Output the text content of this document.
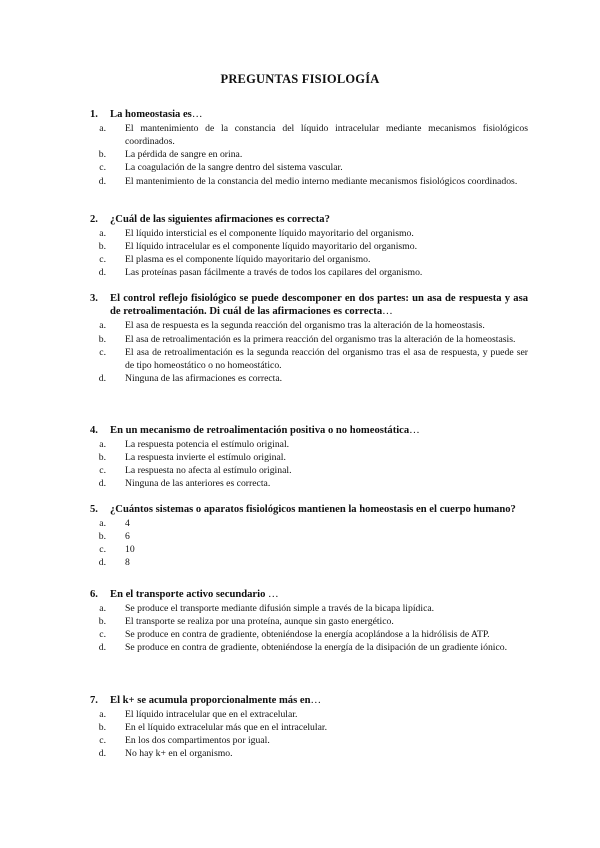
PREGUNTAS FISIOLOGÍA
1.	La homeostasia es…
a.	El mantenimiento de la constancia del líquido intracelular mediante mecanismos fisiológicos coordinados.
b.	La pérdida de sangre en orina.
c.	La coagulación de la sangre dentro del sistema vascular.
d.	El mantenimiento de la constancia del medio interno mediante mecanismos fisiológicos coordinados.
2.	¿Cuál de las siguientes afirmaciones es correcta?
a.	El líquido intersticial es el componente líquido mayoritario del organismo.
b.	El líquido intracelular es el componente líquido mayoritario del organismo.
c.	El plasma es el componente líquido mayoritario del organismo.
d.	Las proteínas pasan fácilmente a través de todos los capilares del organismo.
3.	El control reflejo fisiológico se puede descomponer en dos partes: un asa de respuesta y asa de retroalimentación. Di cuál de las afirmaciones es correcta…
a.	El asa de respuesta es la segunda reacción del organismo tras la alteración de la homeostasis.
b.	El asa de retroalimentación es la primera reacción del organismo tras la alteración de la homeostasis.
c.	El asa de retroalimentación es la segunda reacción del organismo tras el asa de respuesta, y puede ser de tipo homeostático o no homeostático.
d.	Ninguna de las afirmaciones es correcta.
4.	En un mecanismo de retroalimentación positiva o no homeostática…
a.	La respuesta potencia el estímulo original.
b.	La respuesta invierte el estímulo original.
c.	La respuesta no afecta al estímulo original.
d.	Ninguna de las anteriores es correcta.
5.	¿Cuántos sistemas o aparatos fisiológicos mantienen la homeostasis en el cuerpo humano?
a.	4
b.	6
c.	10
d.	8
6.	En el transporte activo secundario …
a.	Se produce el transporte mediante difusión simple a través de la bicapa lipídica.
b.	El transporte se realiza por una proteína, aunque sin gasto energético.
c.	Se produce en contra de gradiente, obteniéndose la energía acoplándose a la hidrólisis de ATP.
d.	Se produce en contra de gradiente, obteniéndose la energía de la disipación de un gradiente iónico.
7.	El k+ se acumula proporcionalmente más en…
a.	El líquido intracelular que en el extracelular.
b.	En el líquido extracelular más que en el intracelular.
c.	En los dos compartimentos por igual.
d.	No hay k+ en el organismo.
